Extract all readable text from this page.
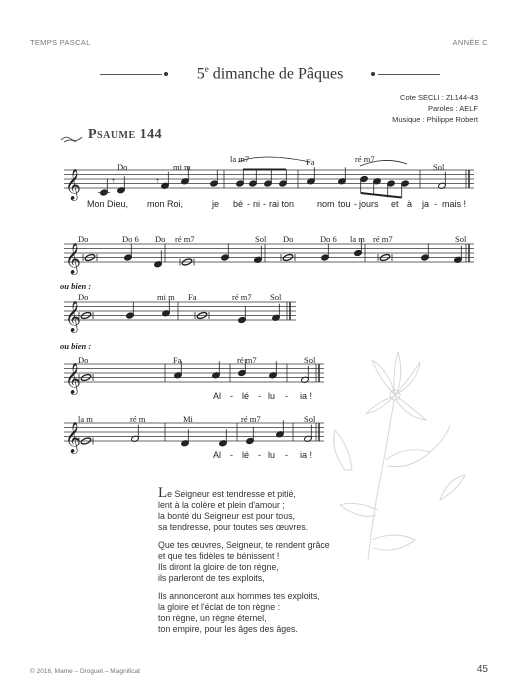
TEMPS PASCAL	ANNÉE C
5e dimanche de Pâques
Cote SECLI : ZL144-43
Paroles : AELF
Musique : Philippe Robert
Psaume 144
𝄞	𝄾	𝄾
𝄞
𝄞
𝄞
𝄞
Do	mi m
la m7	Fa	ré m7
Sol
Mon Dieu, mon Roi,	je bé - ni - rai ton	nom tou - jours et à ja - mais !
Do	Do 6 Do ré m7	Sol Do	Do 6 la m ré m7	Sol
ou bien :
Do	mi m Fa	ré m7 Sol
ou bien :
Do	Fa	ré m7	Sol
Al - lé - lu - ia !
la m	ré m	Mi	ré m7	Sol
Al - lé - lu - ia !

Le Seigneur est tendresse et pitié,
lent à la colère et plein d'amour ;
la bonté du Seigneur est pour tous,
sa tendresse, pour toutes ses œuvres.

Que tes œuvres, Seigneur, te rendent grâce
et que tes fidèles te bénissent !
Ils diront la gloire de ton règne,
ils parleront de tes exploits,

Ils annonceront aux hommes tes exploits,
la gloire et l'éclat de ton règne :
ton règne, un règne éternel,
ton empire, pour les âges des âges.

© 2016, Mame – Droguet – Magnificat	45
